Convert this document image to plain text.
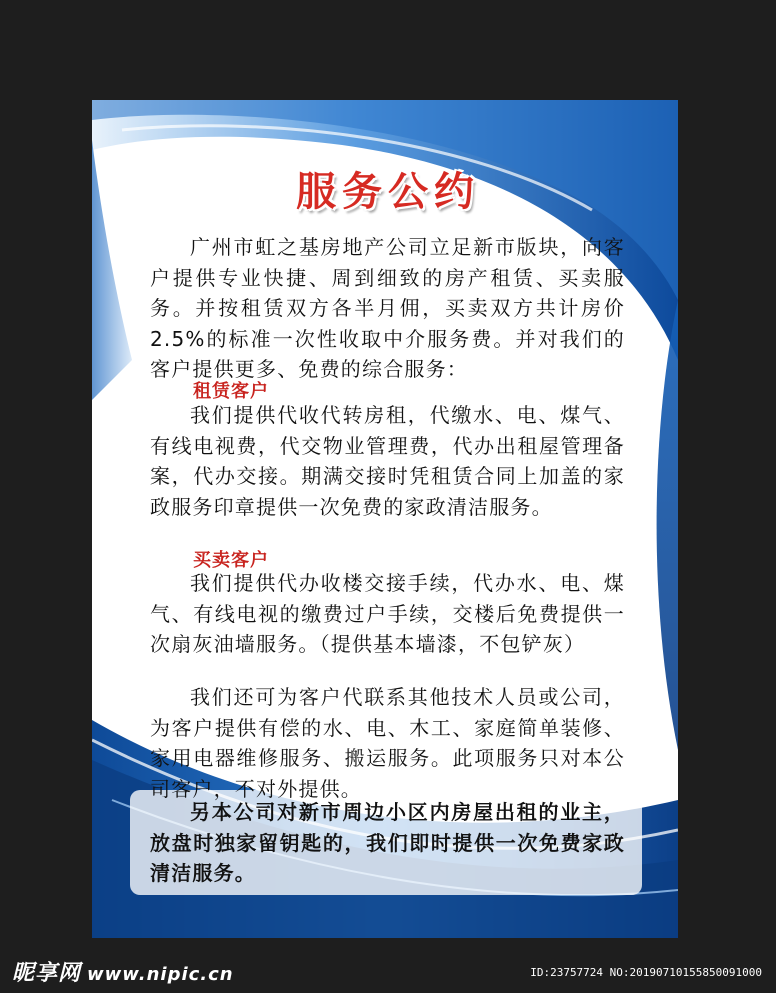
服务公约
广州市虹之基房地产公司立足新市版块，向客户提供专业快捷、周到细致的房产租赁、买卖服务。并按租赁双方各半月佣，买卖双方共计房价2.5%的标准一次性收取中介服务费。并对我们的客户提供更多、免费的综合服务：
租赁客户
我们提供代收代转房租，代缴水、电、煤气、有线电视费，代交物业管理费，代办出租屋管理备案，代办交接。期满交接时凭租赁合同上加盖的家政服务印章提供一次免费的家政清洁服务。
买卖客户
我们提供代办收楼交接手续，代办水、电、煤气、有线电视的缴费过户手续，交楼后免费提供一次扇灰油墙服务。（提供基本墙漆，不包铲灰）
我们还可为客户代联系其他技术人员或公司，为客户提供有偿的水、电、木工、家庭简单装修、家用电器维修服务、搬运服务。此项服务只对本公司客户，不对外提供。
另本公司对新市周边小区内房屋出租的业主，放盘时独家留钥匙的，我们即时提供一次免费家政清洁服务。
昵享网 www.nipic.cn	ID:23757724 NO:20190710155850091000
